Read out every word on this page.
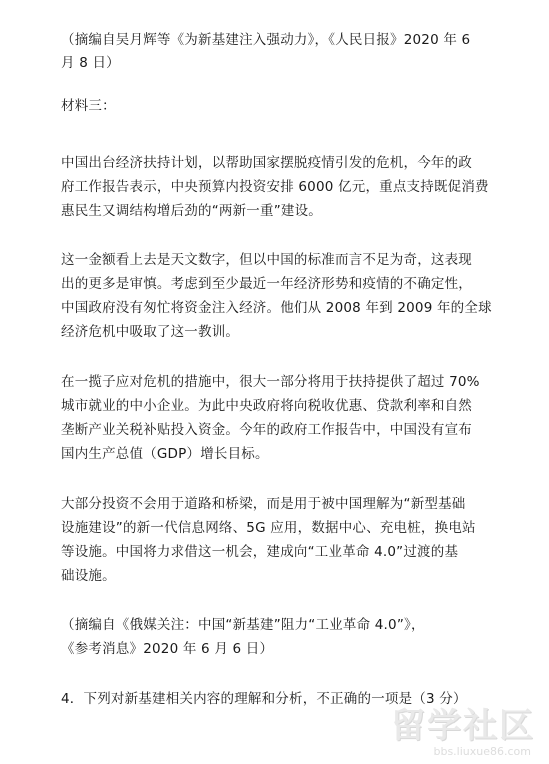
（摘编自吴月辉等《为新基建注入强动力》，《人民日报》2020 年 6
月 8 日）
材料三：
中国出台经济扶持计划，以帮助国家摆脱疫情引发的危机，今年的政
府工作报告表示，中央预算内投资安排 6000 亿元，重点支持既促消费
惠民生又调结构增后劲的“两新一重”建设。
这一金额看上去是天文数字，但以中国的标准而言不足为奇，这表现
出的更多是审慎。考虑到至少最近一年经济形势和疫情的不确定性，
中国政府没有匆忙将资金注入经济。他们从 2008 年到 2009 年的全球
经济危机中吸取了这一教训。
在一揽子应对危机的措施中，很大一部分将用于扶持提供了超过 70%
城市就业的中小企业。为此中央政府将向税收优惠、贷款利率和自然
垄断产业关税补贴投入资金。今年的政府工作报告中，中国没有宣布
国内生产总值（GDP）增长目标。
大部分投资不会用于道路和桥梁，而是用于被中国理解为“新型基础
设施建设”的新一代信息网络、5G 应用，数据中心、充电桩，换电站
等设施。中国将力求借这一机会，建成向“工业革命 4.0”过渡的基
础设施。
（摘编自《俄媒关注：中国“新基建”阻力“工业革命 4.0”》，
《参考消息》2020 年 6 月 6 日）
4．下列对新基建相关内容的理解和分析，不正确的一项是（3 分）
留学社区
bbs.liuxue86.com
